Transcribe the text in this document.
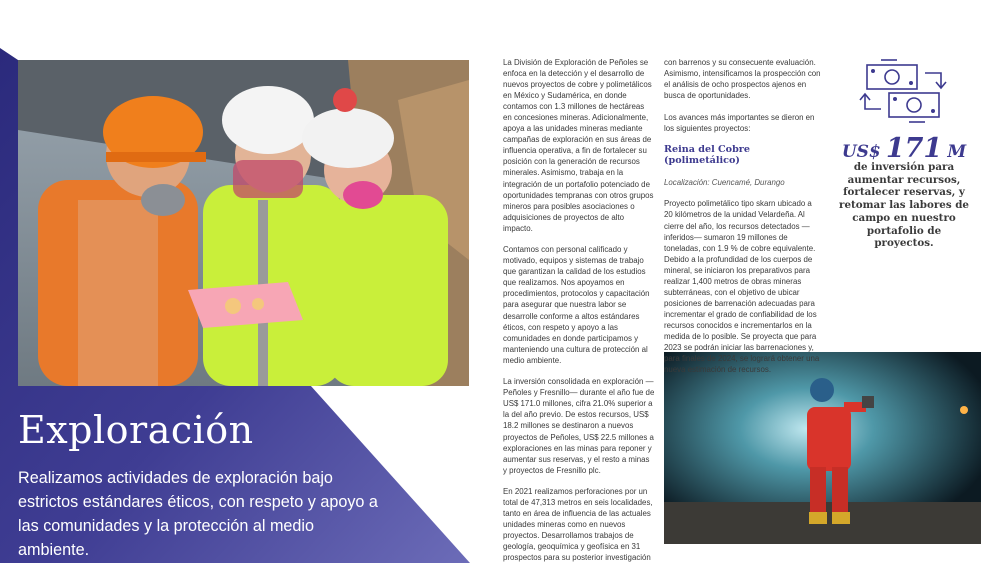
Exploración

Realizamos actividades de exploración bajo estrictos estándares éticos, con respeto y apoyo a las comunidades y la protección al medio ambiente.

La División de Exploración de Peñoles se enfoca en la detección y el desarrollo de nuevos proyectos de cobre y polimetálicos en México y Sudamérica, en donde contamos con 1.3 millones de hectáreas en concesiones mineras. Adicionalmente, apoya a las unidades mineras mediante campañas de exploración en sus áreas de influencia operativa, a fin de fortalecer su posición con la generación de recursos minerales. Asimismo, trabaja en la integración de un portafolio potenciado de oportunidades tempranas con otros grupos mineros para posibles asociaciones o adquisiciones de proyectos de alto impacto.

Contamos con personal calificado y motivado, equipos y sistemas de trabajo que garantizan la calidad de los estudios que realizamos. Nos apoyamos en procedimientos, protocolos y capacitación para asegurar que nuestra labor se desarrolle conforme a altos estándares éticos, con respeto y apoyo a las comunidades en donde participamos y manteniendo una cultura de protección al medio ambiente.

La inversión consolidada en exploración —Peñoles y Fresnillo— durante el año fue de US$ 171.0 millones, cifra 21.0% superior a la del año previo. De estos recursos, US$ 18.2 millones se destinaron a nuevos proyectos de Peñoles, US$ 22.5 millones a exploraciones en las minas para reponer y aumentar sus reservas, y el resto a minas y proyectos de Fresnillo plc.

En 2021 realizamos perforaciones por un total de 47,313 metros en seis localidades, tanto en área de influencia de las actuales unidades mineras como en nuevos proyectos. Desarrollamos trabajos de geología, geoquímica y geofísica en 31 prospectos para su posterior investigación

con barrenos y su consecuente evaluación. Asimismo, intensificamos la prospección con el análisis de ocho prospectos ajenos en busca de oportunidades.

Los avances más importantes se dieron en los siguientes proyectos:

Reina del Cobre (polimetálico)

Localización: Cuencamé, Durango

Proyecto polimetálico tipo skarn ubicado a 20 kilómetros de la unidad Velardeña. Al cierre del año, los recursos detectados —inferidos— sumaron 19 millones de toneladas, con 1.9 % de cobre equivalente. Debido a la profundidad de los cuerpos de mineral, se iniciaron los preparativos para realizar 1,400 metros de obras mineras subterráneas, con el objetivo de ubicar posiciones de barrenación adecuadas para incrementar el grado de confiabilidad de los recursos conocidos e incrementarlos en la medida de lo posible. Se proyecta que para 2023 se podrán iniciar las barrenaciones y, para finales de 2024, se logrará obtener una nueva estimación de recursos.

US$ 171 M

de inversión para aumentar recursos, fortalecer reservas, y retomar las labores de campo en nuestro portafolio de proyectos.
